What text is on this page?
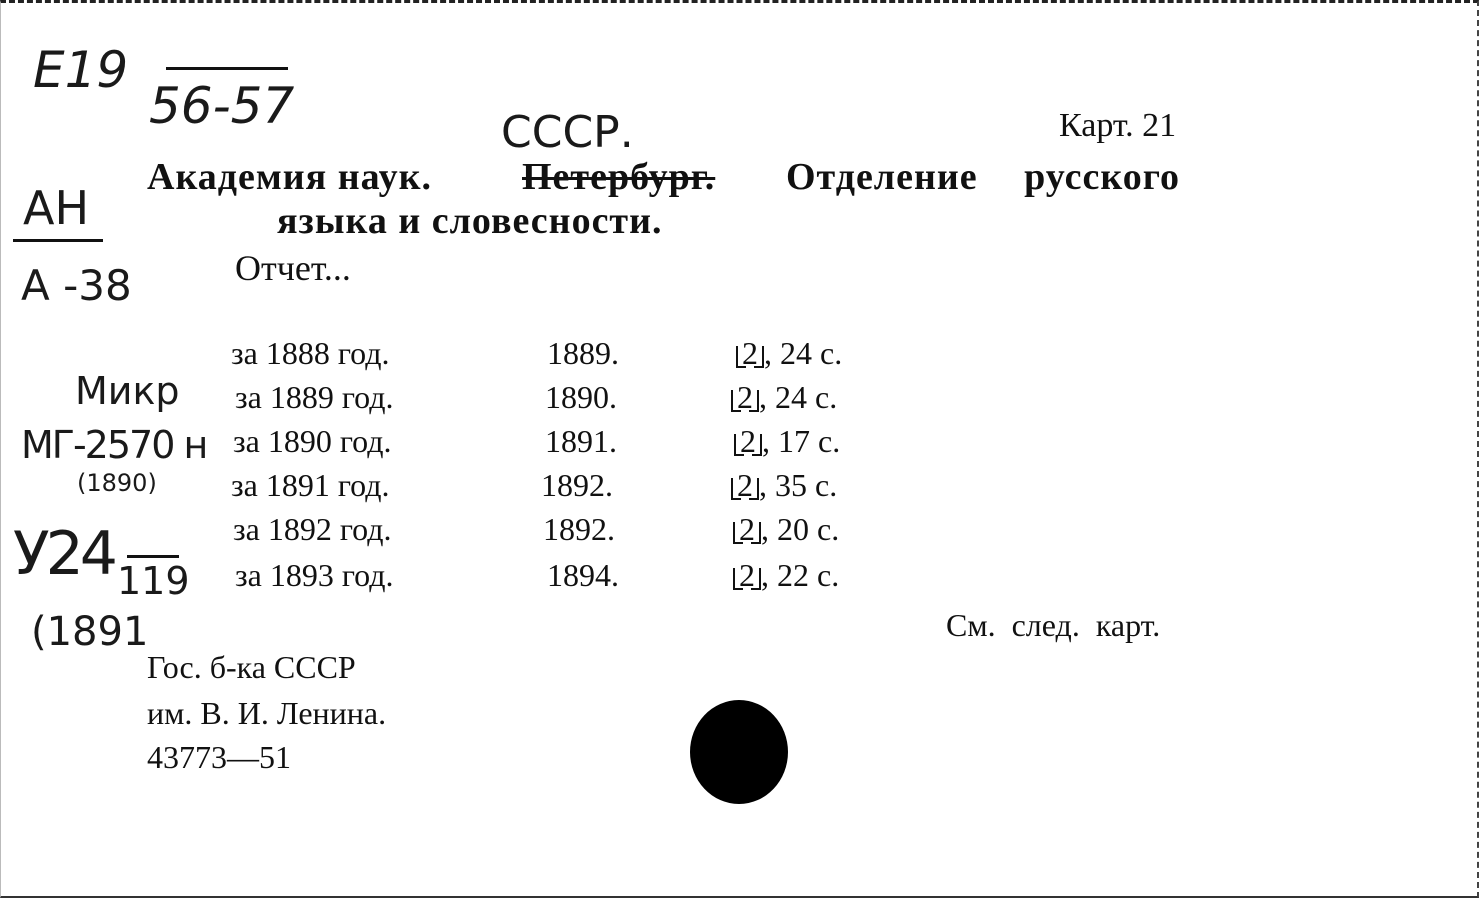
E19
56-57	СССР.
АН
А -38
Микр
МГ-2570 н
(1890)
У24 119
(1891
Карт. 21
Академия наук. Петербург. Отделение русского
языка и словесности.
Отчет...
за 1888 год.	1889.	2 , 24 с.
за 1889 год.	1890.	2 , 24 с.
за 1890 год.	1891.	2 , 17 с.
за 1891 год.	1892.	2 , 35 с.
за 1892 год.	1892.	2 , 20 с.
за 1893 год.	1894.	2 , 22 с.
См. след. карт.
Гос. б-ка СССР
им. В. И. Ленина.
43773—51
